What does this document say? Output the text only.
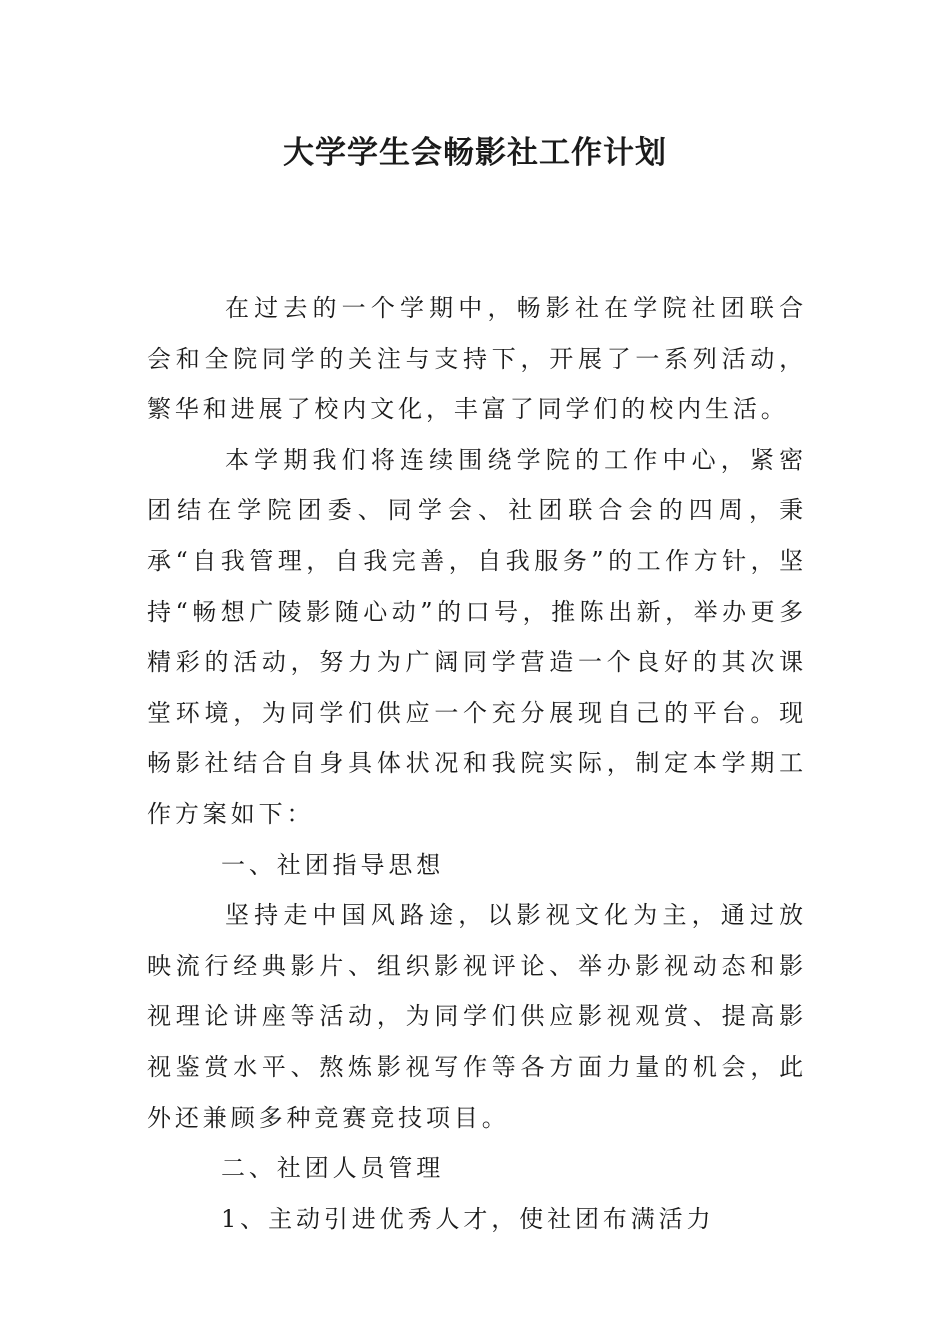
大学学生会畅影社工作计划

在过去的一个学期中，畅影社在学院社团联合会和全院同学的关注与支持下，开展了一系列活动，繁华和进展了校内文化，丰富了同学们的校内生活。

本学期我们将连续围绕学院的工作中心，紧密团结在学院团委、同学会、社团联合会的四周，秉承“自我管理，自我完善，自我服务”的工作方针，坚持“畅想广陵影随心动”的口号，推陈出新，举办更多精彩的活动，努力为广阔同学营造一个良好的其次课堂环境，为同学们供应一个充分展现自己的平台。现畅影社结合自身具体状况和我院实际，制定本学期工作方案如下：

一、社团指导思想

坚持走中国风路途，以影视文化为主，通过放映流行经典影片、组织影视评论、举办影视动态和影视理论讲座等活动，为同学们供应影视观赏、提高影视鉴赏水平、熬炼影视写作等各方面力量的机会，此外还兼顾多种竞赛竞技项目。

二、社团人员管理

1、主动引进优秀人才，使社团布满活力
